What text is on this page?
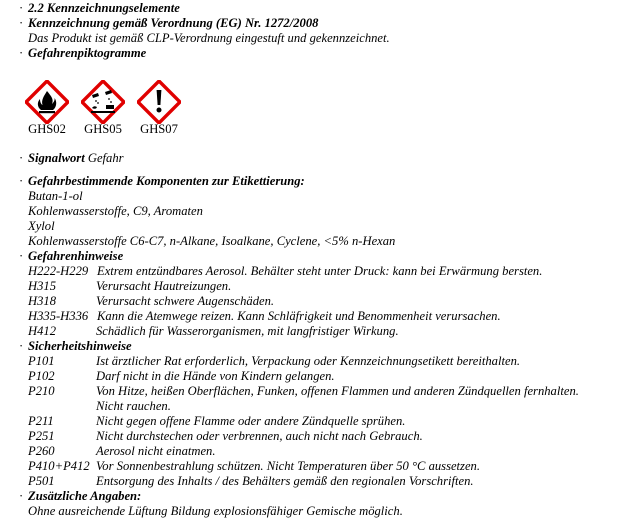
· 2.2 Kennzeichnungselemente
· Kennzeichnung gemäß Verordnung (EG) Nr. 1272/2008
Das Produkt ist gemäß CLP-Verordnung eingestuft und gekennzeichnet.
· Gefahrenpiktogramme
GHS02 GHS05 GHS07
· Signalwort Gefahr
· Gefahrbestimmende Komponenten zur Etikettierung:
Butan-1-ol
Kohlenwasserstoffe, C9, Aromaten
Xylol
Kohlenwasserstoffe C6-C7, n-Alkane, Isoalkane, Cyclene, <5% n-Hexan
· Gefahrenhinweise
H222-H229 Extrem entzündbares Aerosol. Behälter steht unter Druck: kann bei Erwärmung bersten.
H315	Verursacht Hautreizungen.
H318	Verursacht schwere Augenschäden.
H335-H336 Kann die Atemwege reizen. Kann Schläfrigkeit und Benommenheit verursachen.
H412	Schädlich für Wasserorganismen, mit langfristiger Wirkung.
· Sicherheitshinweise
P101	Ist ärztlicher Rat erforderlich, Verpackung oder Kennzeichnungsetikett bereithalten.
P102	Darf nicht in die Hände von Kindern gelangen.
P210	Von Hitze, heißen Oberflächen, Funken, offenen Flammen und anderen Zündquellen fernhalten.
Nicht rauchen.
P211	Nicht gegen offene Flamme oder andere Zündquelle sprühen.
P251	Nicht durchstechen oder verbrennen, auch nicht nach Gebrauch.
P260	Aerosol nicht einatmen.
P410+P412 Vor Sonnenbestrahlung schützen. Nicht Temperaturen über 50 °C aussetzen.
P501	Entsorgung des Inhalts / des Behälters gemäß den regionalen Vorschriften.
· Zusätzliche Angaben:
Ohne ausreichende Lüftung Bildung explosionsfähiger Gemische möglich.
